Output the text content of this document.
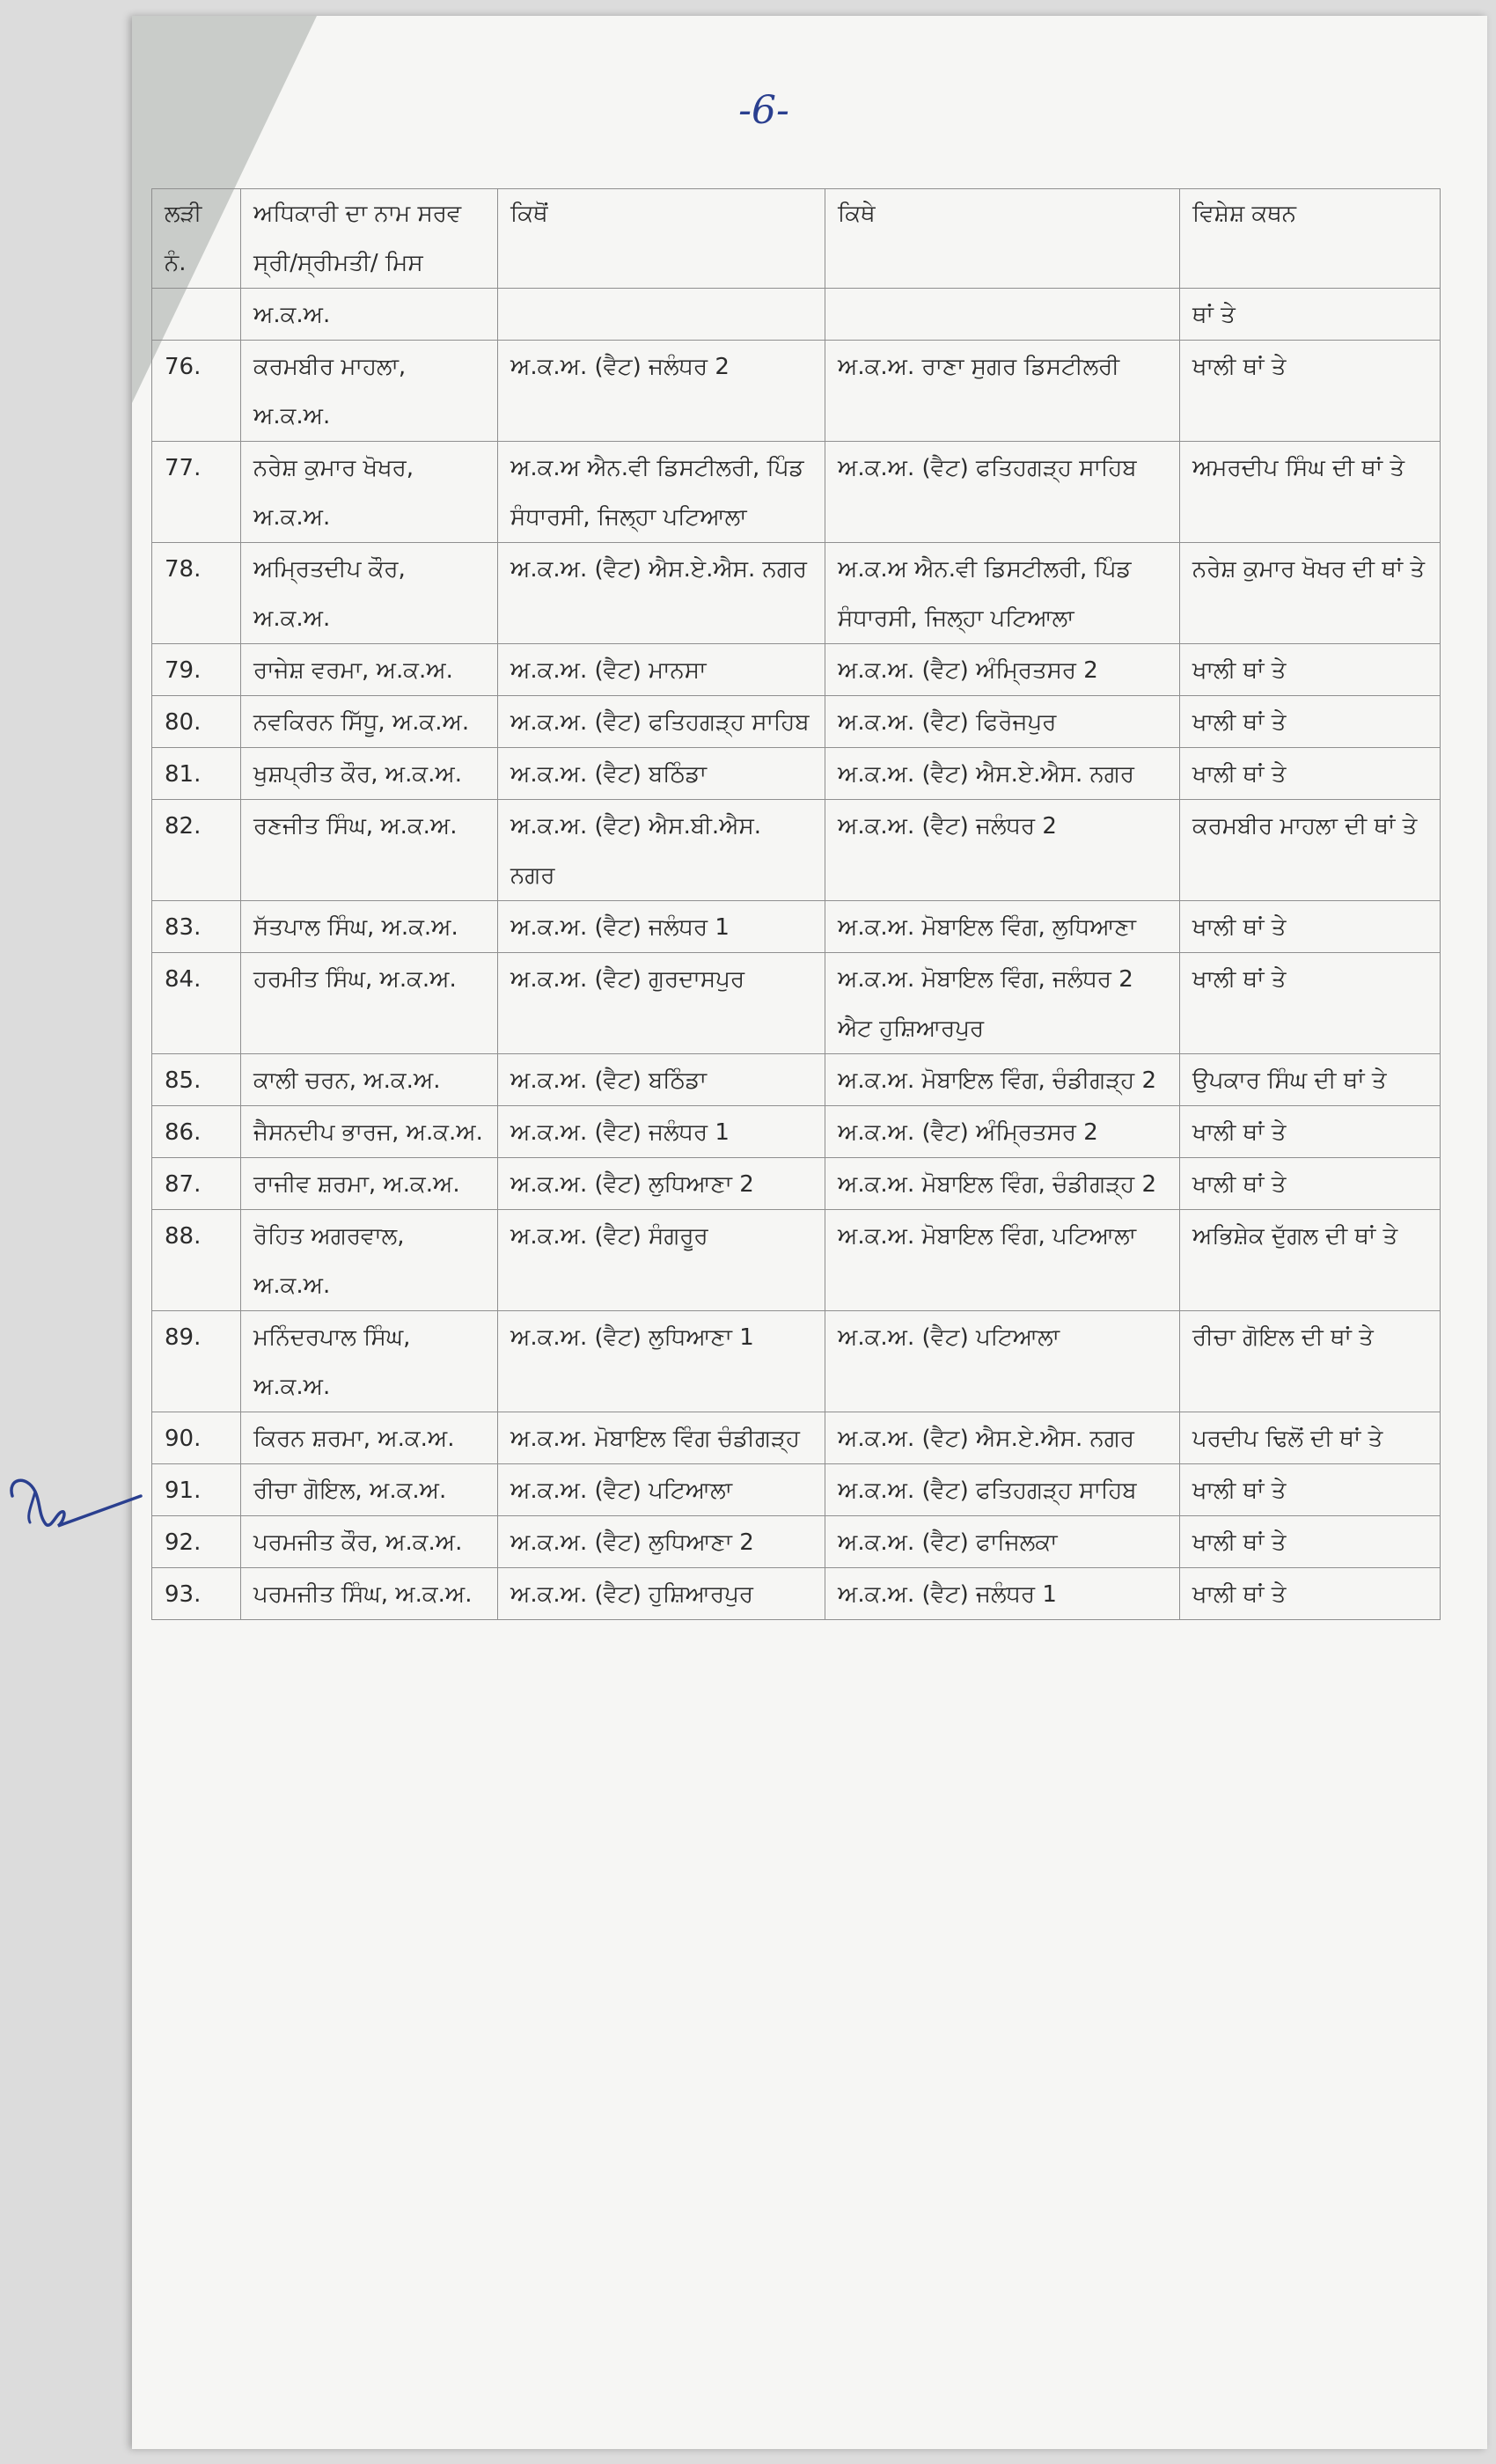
-6-
ਲੜੀ ਨੰ.	ਅਧਿਕਾਰੀ ਦਾ ਨਾਮ ਸਰਵ ਸ੍ਰੀ/ਸ੍ਰੀਮਤੀ/ ਮਿਸ	ਕਿਥੋਂ	ਕਿਥੇ	ਵਿਸ਼ੇਸ਼ ਕਥਨ
	ਅ.ਕ.ਅ.			ਥਾਂ ਤੇ
76.	ਕਰਮਬੀਰ ਮਾਹਲਾ, ਅ.ਕ.ਅ.	ਅ.ਕ.ਅ. (ਵੈਟ) ਜਲੰਧਰ 2	ਅ.ਕ.ਅ. ਰਾਣਾ ਸੁਗਰ ਡਿਸਟੀਲਰੀ	ਖਾਲੀ ਥਾਂ ਤੇ
77.	ਨਰੇਸ਼ ਕੁਮਾਰ ਖੋਖਰ, ਅ.ਕ.ਅ.	ਅ.ਕ.ਅ ਐਨ.ਵੀ ਡਿਸਟੀਲਰੀ, ਪਿੰਡ ਸੰਧਾਰਸੀ, ਜਿਲ੍ਹਾ ਪਟਿਆਲਾ	ਅ.ਕ.ਅ. (ਵੈਟ) ਫਤਿਹਗੜ੍ਹ ਸਾਹਿਬ	ਅਮਰਦੀਪ ਸਿੰਘ ਦੀ ਥਾਂ ਤੇ
78.	ਅਮ੍ਰਿਤਦੀਪ ਕੌਰ, ਅ.ਕ.ਅ.	ਅ.ਕ.ਅ. (ਵੈਟ) ਐਸ.ਏ.ਐਸ. ਨਗਰ	ਅ.ਕ.ਅ ਐਨ.ਵੀ ਡਿਸਟੀਲਰੀ, ਪਿੰਡ ਸੰਧਾਰਸੀ, ਜਿਲ੍ਹਾ ਪਟਿਆਲਾ	ਨਰੇਸ਼ ਕੁਮਾਰ ਖੋਖਰ ਦੀ ਥਾਂ ਤੇ
79.	ਰਾਜੇਸ਼ ਵਰਮਾ, ਅ.ਕ.ਅ.	ਅ.ਕ.ਅ. (ਵੈਟ) ਮਾਨਸਾ	ਅ.ਕ.ਅ. (ਵੈਟ) ਅੰਮ੍ਰਿਤਸਰ 2	ਖਾਲੀ ਥਾਂ ਤੇ
80.	ਨਵਕਿਰਨ ਸਿੱਧੂ, ਅ.ਕ.ਅ.	ਅ.ਕ.ਅ. (ਵੈਟ) ਫਤਿਹਗੜ੍ਹ ਸਾਹਿਬ	ਅ.ਕ.ਅ. (ਵੈਟ) ਫਿਰੋਜਪੁਰ	ਖਾਲੀ ਥਾਂ ਤੇ
81.	ਖੁਸ਼ਪ੍ਰੀਤ ਕੌਰ, ਅ.ਕ.ਅ.	ਅ.ਕ.ਅ. (ਵੈਟ) ਬਠਿੰਡਾ	ਅ.ਕ.ਅ. (ਵੈਟ) ਐਸ.ਏ.ਐਸ. ਨਗਰ	ਖਾਲੀ ਥਾਂ ਤੇ
82.	ਰਣਜੀਤ ਸਿੰਘ, ਅ.ਕ.ਅ.	ਅ.ਕ.ਅ. (ਵੈਟ) ਐਸ.ਬੀ.ਐਸ. ਨਗਰ	ਅ.ਕ.ਅ. (ਵੈਟ) ਜਲੰਧਰ 2	ਕਰਮਬੀਰ ਮਾਹਲਾ ਦੀ ਥਾਂ ਤੇ
83.	ਸੱਤਪਾਲ ਸਿੰਘ, ਅ.ਕ.ਅ.	ਅ.ਕ.ਅ. (ਵੈਟ) ਜਲੰਧਰ 1	ਅ.ਕ.ਅ. ਮੋਬਾਇਲ ਵਿੰਗ, ਲੁਧਿਆਣਾ	ਖਾਲੀ ਥਾਂ ਤੇ
84.	ਹਰਮੀਤ ਸਿੰਘ, ਅ.ਕ.ਅ.	ਅ.ਕ.ਅ. (ਵੈਟ) ਗੁਰਦਾਸਪੁਰ	ਅ.ਕ.ਅ. ਮੋਬਾਇਲ ਵਿੰਗ, ਜਲੰਧਰ 2 ਐਟ ਹੁਸ਼ਿਆਰਪੁਰ	ਖਾਲੀ ਥਾਂ ਤੇ
85.	ਕਾਲੀ ਚਰਨ, ਅ.ਕ.ਅ.	ਅ.ਕ.ਅ. (ਵੈਟ) ਬਠਿੰਡਾ	ਅ.ਕ.ਅ. ਮੋਬਾਇਲ ਵਿੰਗ, ਚੰਡੀਗੜ੍ਹ 2	ਉਪਕਾਰ ਸਿੰਘ ਦੀ ਥਾਂ ਤੇ
86.	ਜੈਸਨਦੀਪ ਭਾਰਜ, ਅ.ਕ.ਅ.	ਅ.ਕ.ਅ. (ਵੈਟ) ਜਲੰਧਰ 1	ਅ.ਕ.ਅ. (ਵੈਟ) ਅੰਮ੍ਰਿਤਸਰ 2	ਖਾਲੀ ਥਾਂ ਤੇ
87.	ਰਾਜੀਵ ਸ਼ਰਮਾ, ਅ.ਕ.ਅ.	ਅ.ਕ.ਅ. (ਵੈਟ) ਲੁਧਿਆਣਾ 2	ਅ.ਕ.ਅ. ਮੋਬਾਇਲ ਵਿੰਗ, ਚੰਡੀਗੜ੍ਹ 2	ਖਾਲੀ ਥਾਂ ਤੇ
88.	ਰੋਹਿਤ ਅਗਰਵਾਲ, ਅ.ਕ.ਅ.	ਅ.ਕ.ਅ. (ਵੈਟ) ਸੰਗਰੂਰ	ਅ.ਕ.ਅ. ਮੋਬਾਇਲ ਵਿੰਗ, ਪਟਿਆਲਾ	ਅਭਿਸ਼ੇਕ ਦੁੱਗਲ ਦੀ ਥਾਂ ਤੇ
89.	ਮਨਿੰਦਰਪਾਲ ਸਿੰਘ, ਅ.ਕ.ਅ.	ਅ.ਕ.ਅ. (ਵੈਟ) ਲੁਧਿਆਣਾ 1	ਅ.ਕ.ਅ. (ਵੈਟ) ਪਟਿਆਲਾ	ਰੀਚਾ ਗੋਇਲ ਦੀ ਥਾਂ ਤੇ
90.	ਕਿਰਨ ਸ਼ਰਮਾ, ਅ.ਕ.ਅ.	ਅ.ਕ.ਅ. ਮੋਬਾਇਲ ਵਿੰਗ ਚੰਡੀਗੜ੍ਹ	ਅ.ਕ.ਅ. (ਵੈਟ) ਐਸ.ਏ.ਐਸ. ਨਗਰ	ਪਰਦੀਪ ਢਿਲੋਂ ਦੀ ਥਾਂ ਤੇ
91.	ਰੀਚਾ ਗੋਇਲ, ਅ.ਕ.ਅ.	ਅ.ਕ.ਅ. (ਵੈਟ) ਪਟਿਆਲਾ	ਅ.ਕ.ਅ. (ਵੈਟ) ਫਤਿਹਗੜ੍ਹ ਸਾਹਿਬ	ਖਾਲੀ ਥਾਂ ਤੇ
92.	ਪਰਮਜੀਤ ਕੌਰ, ਅ.ਕ.ਅ.	ਅ.ਕ.ਅ. (ਵੈਟ) ਲੁਧਿਆਣਾ 2	ਅ.ਕ.ਅ. (ਵੈਟ) ਫਾਜਿਲਕਾ	ਖਾਲੀ ਥਾਂ ਤੇ
93.	ਪਰਮਜੀਤ ਸਿੰਘ, ਅ.ਕ.ਅ.	ਅ.ਕ.ਅ. (ਵੈਟ) ਹੁਸ਼ਿਆਰਪੁਰ	ਅ.ਕ.ਅ. (ਵੈਟ) ਜਲੰਧਰ 1	ਖਾਲੀ ਥਾਂ ਤੇ
